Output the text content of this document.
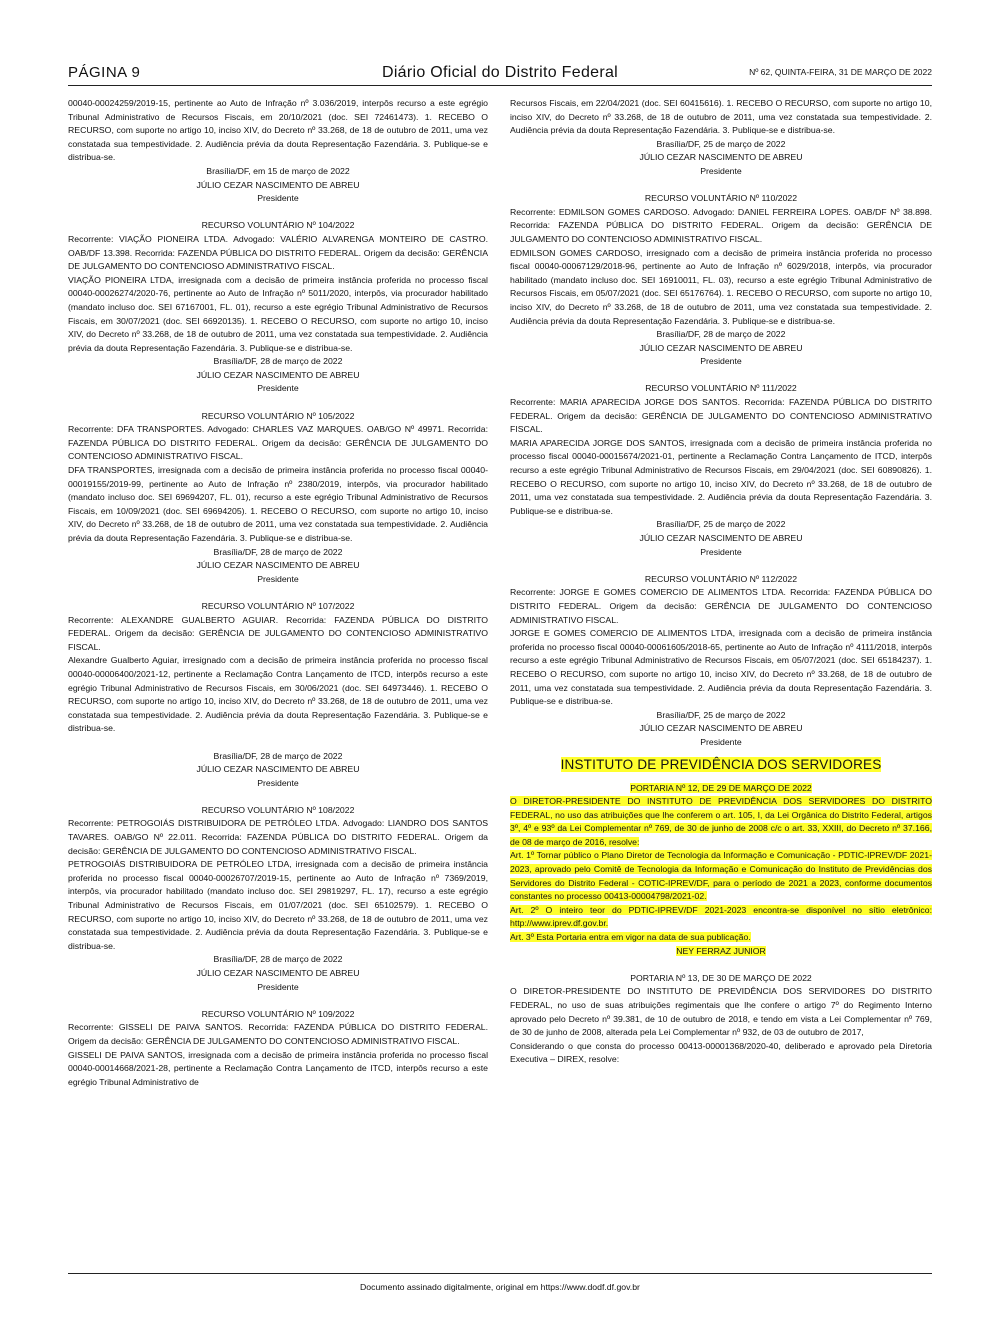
PÁGINA 9	Diário Oficial do Distrito Federal	Nº 62, QUINTA-FEIRA, 31 DE MARÇO DE 2022

00040-00024259/2019-15, pertinente ao Auto de Infração nº 3.036/2019, interpôs recurso a este egrégio Tribunal Administrativo de Recursos Fiscais, em 20/10/2021 (doc. SEI 72461473). 1. RECEBO O RECURSO, com suporte no artigo 10, inciso XIV, do Decreto nº 33.268, de 18 de outubro de 2011, uma vez constatada sua tempestividade. 2. Audiência prévia da douta Representação Fazendária. 3. Publique-se e distribua-se.

Brasília/DF, em 15 de março de 2022

JÚLIO CEZAR NASCIMENTO DE ABREU

Presidente

RECURSO VOLUNTÁRIO Nº 104/2022

Recorrente: VIAÇÃO PIONEIRA LTDA. Advogado: VALÉRIO ALVARENGA MONTEIRO DE CASTRO. OAB/DF 13.398. Recorrida: FAZENDA PÚBLICA DO DISTRITO FEDERAL. Origem da decisão: GERÊNCIA DE JULGAMENTO DO CONTENCIOSO ADMINISTRATIVO FISCAL.

VIAÇÃO PIONEIRA LTDA, irresignada com a decisão de primeira instância proferida no processo fiscal 00040-00026274/2020-76, pertinente ao Auto de Infração nº 5011/2020, interpôs, via procurador habilitado (mandato incluso doc. SEI 67167001, FL. 01), recurso a este egrégio Tribunal Administrativo de Recursos Fiscais, em 30/07/2021 (doc. SEI 66920135). 1. RECEBO O RECURSO, com suporte no artigo 10, inciso XIV, do Decreto nº 33.268, de 18 de outubro de 2011, uma vez constatada sua tempestividade. 2. Audiência prévia da douta Representação Fazendária. 3. Publique-se e distribua-se.

Brasília/DF, 28 de março de 2022

JÚLIO CEZAR NASCIMENTO DE ABREU

Presidente

RECURSO VOLUNTÁRIO Nº 105/2022

Recorrente: DFA TRANSPORTES. Advogado: CHARLES VAZ MARQUES. OAB/GO Nº 49971. Recorrida: FAZENDA PÚBLICA DO DISTRITO FEDERAL. Origem da decisão: GERÊNCIA DE JULGAMENTO DO CONTENCIOSO ADMINISTRATIVO FISCAL.

DFA TRANSPORTES, irresignada com a decisão de primeira instância proferida no processo fiscal 00040-00019155/2019-99, pertinente ao Auto de Infração nº 2380/2019, interpôs, via procurador habilitado (mandato incluso doc. SEI 69694207, FL. 01), recurso a este egrégio Tribunal Administrativo de Recursos Fiscais, em 10/09/2021 (doc. SEI 69694205). 1. RECEBO O RECURSO, com suporte no artigo 10, inciso XIV, do Decreto nº 33.268, de 18 de outubro de 2011, uma vez constatada sua tempestividade. 2. Audiência prévia da douta Representação Fazendária. 3. Publique-se e distribua-se.

Brasília/DF, 28 de março de 2022

JÚLIO CEZAR NASCIMENTO DE ABREU

Presidente

RECURSO VOLUNTÁRIO Nº 107/2022

Recorrente: ALEXANDRE GUALBERTO AGUIAR. Recorrida: FAZENDA PÚBLICA DO DISTRITO FEDERAL. Origem da decisão: GERÊNCIA DE JULGAMENTO DO CONTENCIOSO ADMINISTRATIVO FISCAL.

Alexandre Gualberto Aguiar, irresignado com a decisão de primeira instância proferida no processo fiscal 00040-00006400/2021-12, pertinente a Reclamação Contra Lançamento de ITCD, interpôs recurso a este egrégio Tribunal Administrativo de Recursos Fiscais, em 30/06/2021 (doc. SEI 64973446). 1. RECEBO O RECURSO, com suporte no artigo 10, inciso XIV, do Decreto nº 33.268, de 18 de outubro de 2011, uma vez constatada sua tempestividade. 2. Audiência prévia da douta Representação Fazendária. 3. Publique-se e distribua-se.

Brasília/DF, 28 de março de 2022

JÚLIO CEZAR NASCIMENTO DE ABREU

Presidente

RECURSO VOLUNTÁRIO Nº 108/2022

Recorrente: PETROGOIÁS DISTRIBUIDORA DE PETRÓLEO LTDA. Advogado: LIANDRO DOS SANTOS TAVARES. OAB/GO Nº 22.011. Recorrida: FAZENDA PÚBLICA DO DISTRITO FEDERAL. Origem da decisão: GERÊNCIA DE JULGAMENTO DO CONTENCIOSO ADMINISTRATIVO FISCAL.

PETROGOIÁS DISTRIBUIDORA DE PETRÓLEO LTDA, irresignada com a decisão de primeira instância proferida no processo fiscal 00040-00026707/2019-15, pertinente ao Auto de Infração nº 7369/2019, interpôs, via procurador habilitado (mandato incluso doc. SEI 29819297, FL. 17), recurso a este egrégio Tribunal Administrativo de Recursos Fiscais, em 01/07/2021 (doc. SEI 65102579). 1. RECEBO O RECURSO, com suporte no artigo 10, inciso XIV, do Decreto nº 33.268, de 18 de outubro de 2011, uma vez constatada sua tempestividade. 2. Audiência prévia da douta Representação Fazendária. 3. Publique-se e distribua-se.

Brasília/DF, 28 de março de 2022

JÚLIO CEZAR NASCIMENTO DE ABREU

Presidente

RECURSO VOLUNTÁRIO Nº 109/2022

Recorrente: GISSELI DE PAIVA SANTOS. Recorrida: FAZENDA PÚBLICA DO DISTRITO FEDERAL. Origem da decisão: GERÊNCIA DE JULGAMENTO DO CONTENCIOSO ADMINISTRATIVO FISCAL.

GISSELI DE PAIVA SANTOS, irresignada com a decisão de primeira instância proferida no processo fiscal 00040-00014668/2021-28, pertinente a Reclamação Contra Lançamento de ITCD, interpôs recurso a este egrégio Tribunal Administrativo de

Recursos Fiscais, em 22/04/2021 (doc. SEI 60415616). 1. RECEBO O RECURSO, com suporte no artigo 10, inciso XIV, do Decreto nº 33.268, de 18 de outubro de 2011, uma vez constatada sua tempestividade. 2. Audiência prévia da douta Representação Fazendária. 3. Publique-se e distribua-se.

Brasília/DF, 25 de março de 2022

JÚLIO CEZAR NASCIMENTO DE ABREU

Presidente

RECURSO VOLUNTÁRIO Nº 110/2022

Recorrente: EDMILSON GOMES CARDOSO. Advogado: DANIEL FERREIRA LOPES. OAB/DF Nº 38.898. Recorrida: FAZENDA PÚBLICA DO DISTRITO FEDERAL. Origem da decisão: GERÊNCIA DE JULGAMENTO DO CONTENCIOSO ADMINISTRATIVO FISCAL.

EDMILSON GOMES CARDOSO, irresignado com a decisão de primeira instância proferida no processo fiscal 00040-00067129/2018-96, pertinente ao Auto de Infração nº 6029/2018, interpôs, via procurador habilitado (mandato incluso doc. SEI 16910011, FL. 03), recurso a este egrégio Tribunal Administrativo de Recursos Fiscais, em 05/07/2021 (doc. SEI 65176764). 1. RECEBO O RECURSO, com suporte no artigo 10, inciso XIV, do Decreto nº 33.268, de 18 de outubro de 2011, uma vez constatada sua tempestividade. 2. Audiência prévia da douta Representação Fazendária. 3. Publique-se e distribua-se.

Brasília/DF, 28 de março de 2022

JÚLIO CEZAR NASCIMENTO DE ABREU

Presidente

RECURSO VOLUNTÁRIO Nº 111/2022

Recorrente: MARIA APARECIDA JORGE DOS SANTOS. Recorrida: FAZENDA PÚBLICA DO DISTRITO FEDERAL. Origem da decisão: GERÊNCIA DE JULGAMENTO DO CONTENCIOSO ADMINISTRATIVO FISCAL.

MARIA APARECIDA JORGE DOS SANTOS, irresignada com a decisão de primeira instância proferida no processo fiscal 00040-00015674/2021-01, pertinente a Reclamação Contra Lançamento de ITCD, interpôs recurso a este egrégio Tribunal Administrativo de Recursos Fiscais, em 29/04/2021 (doc. SEI 60890826). 1. RECEBO O RECURSO, com suporte no artigo 10, inciso XIV, do Decreto nº 33.268, de 18 de outubro de 2011, uma vez constatada sua tempestividade. 2. Audiência prévia da douta Representação Fazendária. 3. Publique-se e distribua-se.

Brasília/DF, 25 de março de 2022

JÚLIO CEZAR NASCIMENTO DE ABREU

Presidente

RECURSO VOLUNTÁRIO Nº 112/2022

Recorrente: JORGE E GOMES COMERCIO DE ALIMENTOS LTDA. Recorrida: FAZENDA PÚBLICA DO DISTRITO FEDERAL. Origem da decisão: GERÊNCIA DE JULGAMENTO DO CONTENCIOSO ADMINISTRATIVO FISCAL.

JORGE E GOMES COMERCIO DE ALIMENTOS LTDA, irresignada com a decisão de primeira instância proferida no processo fiscal 00040-00061605/2018-65, pertinente ao Auto de Infração nº 4111/2018, interpôs recurso a este egrégio Tribunal Administrativo de Recursos Fiscais, em 05/07/2021 (doc. SEI 65184237). 1. RECEBO O RECURSO, com suporte no artigo 10, inciso XIV, do Decreto nº 33.268, de 18 de outubro de 2011, uma vez constatada sua tempestividade. 2. Audiência prévia da douta Representação Fazendária. 3. Publique-se e distribua-se.

Brasília/DF, 25 de março de 2022

JÚLIO CEZAR NASCIMENTO DE ABREU

Presidente

INSTITUTO DE PREVIDÊNCIA DOS SERVIDORES

PORTARIA Nº 12, DE 29 DE MARÇO DE 2022

O DIRETOR-PRESIDENTE DO INSTITUTO DE PREVIDÊNCIA DOS SERVIDORES DO DISTRITO FEDERAL, no uso das atribuições que lhe conferem o art. 105, I, da Lei Orgânica do Distrito Federal, artigos 3º, 4º e 93º da Lei Complementar nº 769, de 30 de junho de 2008 c/c o art. 33, XXIII, do Decreto nº 37.166, de 08 de março de 2016, resolve:

Art. 1º Tornar público o Plano Diretor de Tecnologia da Informação e Comunicação - PDTIC-IPREV/DF 2021-2023, aprovado pelo Comitê de Tecnologia da Informação e Comunicação do Instituto de Previdências dos Servidores do Distrito Federal - COTIC-IPREV/DF, para o período de 2021 a 2023, conforme documentos constantes no processo 00413-00004798/2021-02.

Art. 2º O inteiro teor do PDTIC-IPREV/DF 2021-2023 encontra-se disponível no sítio eletrônico: http://www.iprev.df.gov.br.

Art. 3º Esta Portaria entra em vigor na data de sua publicação.

NEY FERRAZ JUNIOR

PORTARIA Nº 13, DE 30 DE MARÇO DE 2022

O DIRETOR-PRESIDENTE DO INSTITUTO DE PREVIDÊNCIA DOS SERVIDORES DO DISTRITO FEDERAL, no uso de suas atribuições regimentais que lhe confere o artigo 7º do Regimento Interno aprovado pelo Decreto nº 39.381, de 10 de outubro de 2018, e tendo em vista a Lei Complementar nº 769, de 30 de junho de 2008, alterada pela Lei Complementar nº 932, de 03 de outubro de 2017,

Considerando o que consta do processo 00413-00001368/2020-40, deliberado e aprovado pela Diretoria Executiva – DIREX, resolve:

Documento assinado digitalmente, original em https://www.dodf.df.gov.br
